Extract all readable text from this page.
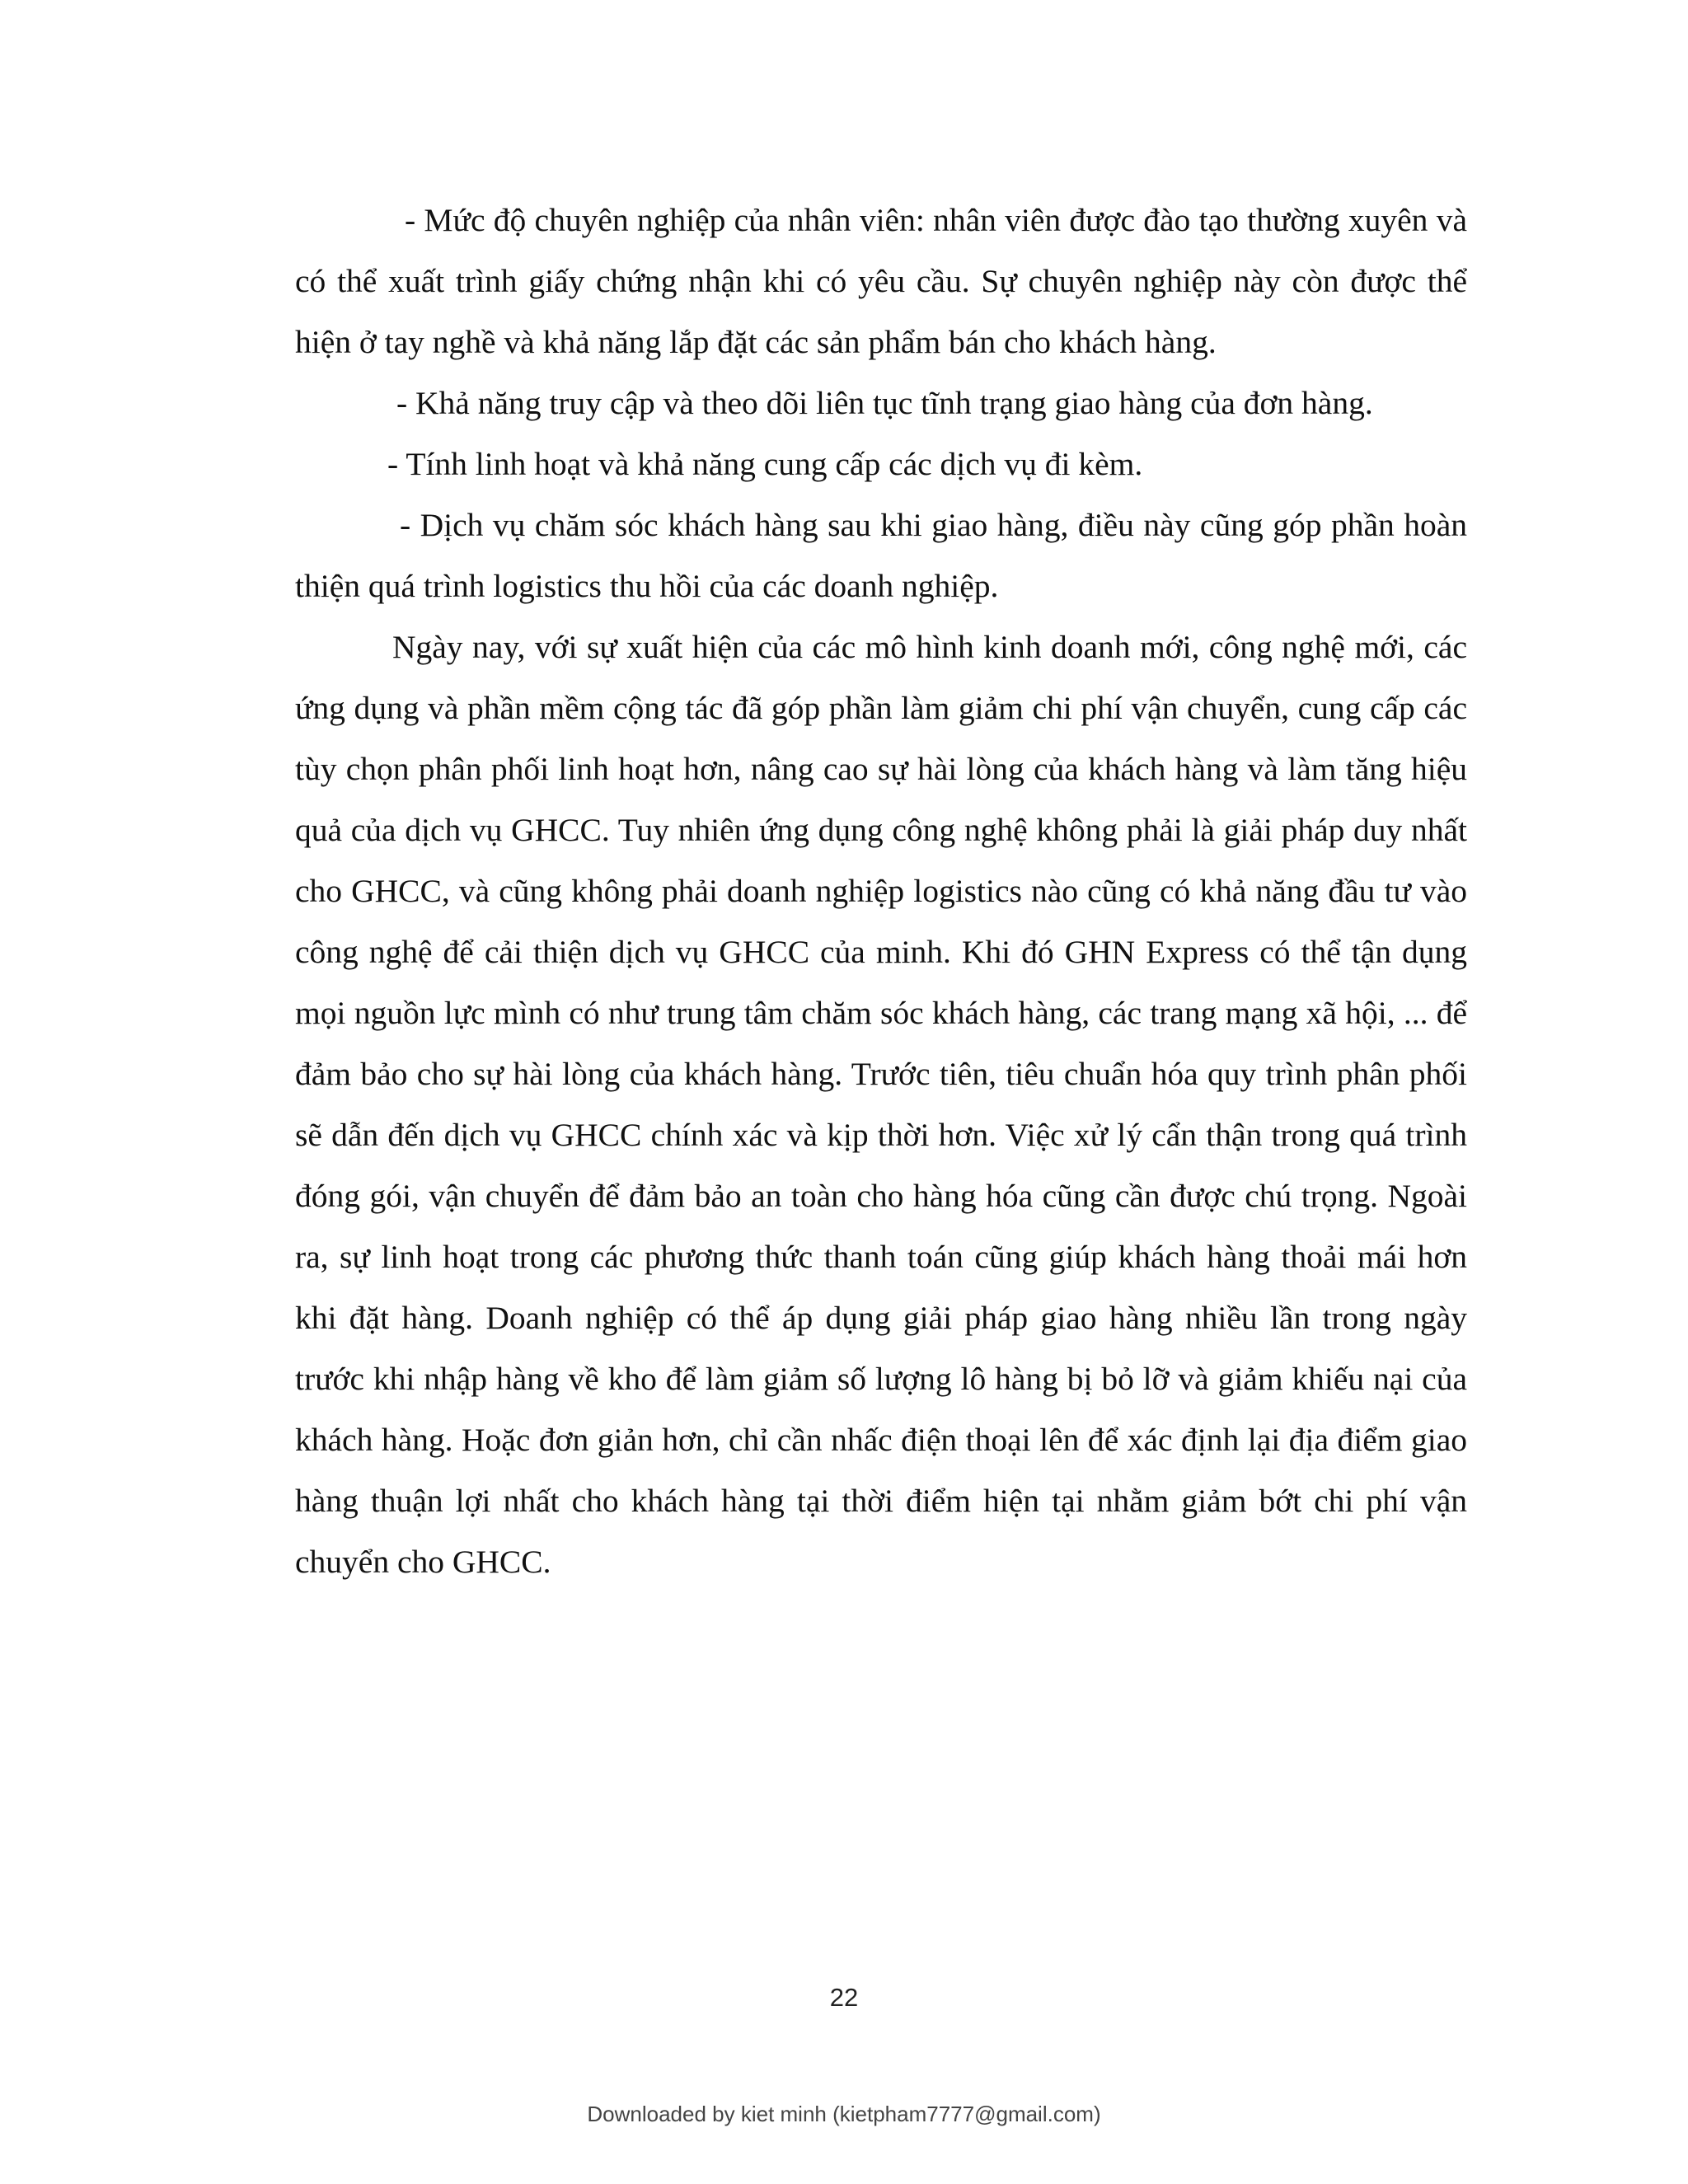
- Mức độ chuyên nghiệp của nhân viên: nhân viên được đào tạo thường xuyên và có thể xuất trình giấy chứng nhận khi có yêu cầu. Sự chuyên nghiệp này còn được thể hiện ở tay nghề và khả năng lắp đặt các sản phẩm bán cho khách hàng.

- Khả năng truy cập và theo dõi liên tục tĩnh trạng giao hàng của đơn hàng.

- Tính linh hoạt và khả năng cung cấp các dịch vụ đi kèm.

- Dịch vụ chăm sóc khách hàng sau khi giao hàng, điều này cũng góp phần hoàn thiện quá trình logistics thu hồi của các doanh nghiệp.

Ngày nay, với sự xuất hiện của các mô hình kinh doanh mới, công nghệ mới, các ứng dụng và phần mềm cộng tác đã góp phần làm giảm chi phí vận chuyển, cung cấp các tùy chọn phân phối linh hoạt hơn, nâng cao sự hài lòng của khách hàng và làm tăng hiệu quả của dịch vụ GHCC. Tuy nhiên ứng dụng công nghệ không phải là giải pháp duy nhất cho GHCC, và cũng không phải doanh nghiệp logistics nào cũng có khả năng đầu tư vào công nghệ để cải thiện dịch vụ GHCC của minh. Khi đó GHN Express có thể tận dụng mọi nguồn lực mình có như trung tâm chăm sóc khách hàng, các trang mạng xã hội, ... để đảm bảo cho sự hài lòng của khách hàng. Trước tiên, tiêu chuẩn hóa quy trình phân phối sẽ dẫn đến dịch vụ GHCC chính xác và kịp thời hơn. Việc xử lý cẩn thận trong quá trình đóng gói, vận chuyển để đảm bảo an toàn cho hàng hóa cũng cần được chú trọng. Ngoài ra, sự linh hoạt trong các phương thức thanh toán cũng giúp khách hàng thoải mái hơn khi đặt hàng. Doanh nghiệp có thể áp dụng giải pháp giao hàng nhiều lần trong ngày trước khi nhập hàng về kho để làm giảm số lượng lô hàng bị bỏ lỡ và giảm khiếu nại của khách hàng. Hoặc đơn giản hơn, chỉ cần nhấc điện thoại lên để xác định lại địa điểm giao hàng thuận lợi nhất cho khách hàng tại thời điểm hiện tại nhằm giảm bớt chi phí vận chuyển cho GHCC.

22
Downloaded by kiet minh (kietpham7777@gmail.com)
